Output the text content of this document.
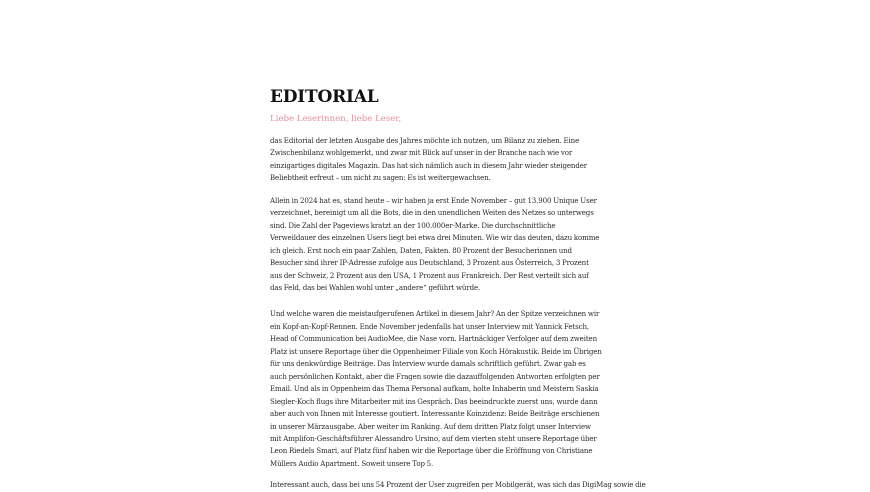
EDITORIAL
Liebe Leserinnen, liebe Leser,

das Editorial der letzten Ausgabe des Jahres möchte ich nutzen, um Bilanz zu ziehen. Eine Zwischenbilanz wohlgemerkt, und zwar mit Blick auf unser in der Branche nach wie vor einzigartiges digitales Magazin. Das hat sich nämlich auch in diesem Jahr wieder steigender Beliebtheit erfreut – um nicht zu sagen: Es ist weitergewachsen.

Allein in 2024 hat es, stand heute – wir haben ja erst Ende November – gut 13.900 Unique User verzeichnet, bereinigt um all die Bots, die in den unendlichen Weiten des Netzes so unterwegs sind. Die Zahl der Pageviews kratzt an der 100.000er-Marke. Die durchschnittliche Verweildauer des einzelnen Users liegt bei etwa drei Minuten. Wie wir das deuten, dazu komme ich gleich. Erst noch ein paar Zahlen, Daten, Fakten. 80 Prozent der Besucherinnen und Besucher sind ihrer IP-Adresse zufolge aus Deutschland, 3 Prozent aus Österreich, 3 Prozent aus der Schweiz, 2 Prozent aus den USA, 1 Prozent aus Frankreich. Der Rest verteilt sich auf das Feld, das bei Wahlen wohl unter „andere“ geführt würde.

Und welche waren die meistaufgerufenen Artikel in diesem Jahr? An der Spitze verzeichnen wir ein Kopf-an-Kopf-Rennen. Ende November jedenfalls hat unser Interview mit Yannick Fetsch, Head of Communication bei AudioMee, die Nase vorn. Hartnäckiger Verfolger auf dem zweiten Platz ist unsere Reportage über die Oppenheimer Filiale von Koch Hörakustik. Beide im Übrigen für uns denkwürdige Beiträge. Das Interview wurde damals schriftlich geführt. Zwar gab es auch persönlichen Kontakt, aber die Fragen sowie die dazauffolgenden Antworten erfolgten per Email. Und als in Oppenheim das Thema Personal aufkam, holte Inhaberin und Meistern Saskia Siegler-Koch flugs ihre Mitarbeiter mit ins Gespräch. Das beeindruckte zuerst uns, wurde dann aber auch von Ihnen mit Interesse goutiert. Interessante Koinzidenz: Beide Beiträge erschienen in unserer Märzausgabe. Aber weiter im Ranking. Auf dem dritten Platz folgt unser Interview mit Amplifon-Geschäftsführer Alessandro Ursino, auf dem vierten steht unsere Reportage über Leon Riedels Smari, auf Platz fünf haben wir die Reportage über die Eröffnung von Christiane Müllers Audio Apartment. Soweit unsere Top 5.

Interessant auch, dass bei uns 54 Prozent der User zugreifen per Mobilgerät, was sich das DigiMag sowie die
